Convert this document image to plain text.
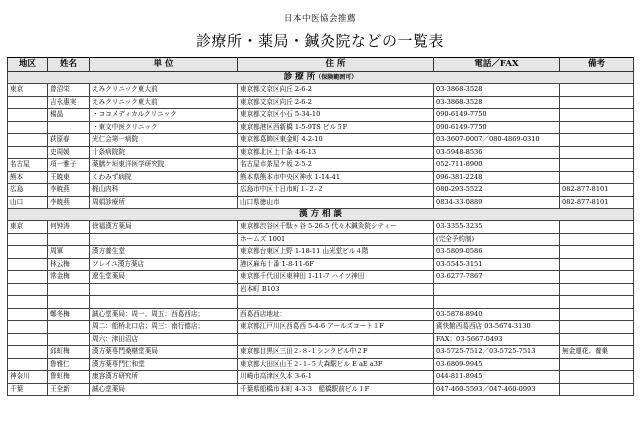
日本中医協会推薦
診療所・薬局・鍼灸院などの一覧表
地区	姓名	単 位	住 所	電話／FAX	備考
診 療 所（保険範囲可）					
東京	曾沼栄	えみクリニック東大前	東京都文京区向丘 2-6-2	03-3868-3528	
	吉永惠実	えみクリニック東大前	東京都文京区向丘 2-6-2	03-3868-3528	
	楊晶	・ココメディカルクリニック	東京都文京区小石 5-34-10	090-6149-7750	
		・東文中医クリニック	東京都港区西新橋 1-5-9TS ビル５F	090-6149-7750	
	荻原春	光仁会第一病院	東京都葛飾区東金町 4-2-10	03-3607-0007／080-4869-0310	
	史周媛	十条病院院	東京都北区上十条 4-6-13	03-5948-8536	
名古屋	項一雅子	薬膳ケ垣東洋医学研究院	名古屋市茶屋ケ坂 2-5-2	052-711-8900	
熊本	王暁東	くわみず病院	熊本県熊本市中央区神水 1-14-41	096-381-2248	
広島	李暁燕	梶山内科	広島市中区十日市町１-２-２	080-293-5522	082-877-8101
山口	李暁燕	周娟診療所	山口県徳山市	0834-33-0889	082-877-8101
漢 方 相 談					
東京	何钟涛	徐福漢方薬局	東京都渋谷区千駄ヶ谷 5-26-5 代々木鍼灸院シティー	03-3355-3235	
			ホームズ 1001	(完全予約制)	
	周軍	漢方養生堂	東京都台東区上野 1-18-11 山光堂ビル４階	03-5809-0586	
	林云梅	ソレイユ漢方薬店	港区麻布十番 1-8-11-6F	03-5545-3151	
	常金梅	遼生堂薬局	東京都千代田区東神田 1-11-7 ハイツ神田	03-6277-7867	
			岩本町 B103		

	鄭冬梅	誠心堂薬局：周一、周五：西葛西店；	西葛西店地址：	03-5878-8940	
		周二：船桥北口店；周三：南行德店；	東京都江戸川区西葛西 5-4-6 アールズコート１F	賓快館西葛西店 03-5674-3130	
		周六：津田沼店		FAX：03-5667-0493	
	邱虹梅	漢方薬専門桑椹堂薬局	東京都目黒区三田２-８-１シンクビル中２F	03-5725-7512／03-5725-7513	無金運花、養巣
	鲁雅仁	漢方薬専門仁和堂	東京都大田区山王２-１-５大森駅ビル E aE a3F	03-6809-9945	
神奈川	鲁虹梅	康容漢方研究所	川崎市高津区久本 3-6-1	044-811-8945	
千葉	王全新	誠心堂薬局	千葉県船橋市本町 4-3-3　船橋駅前ビル１F	047-460-5593／047-460-0993	
